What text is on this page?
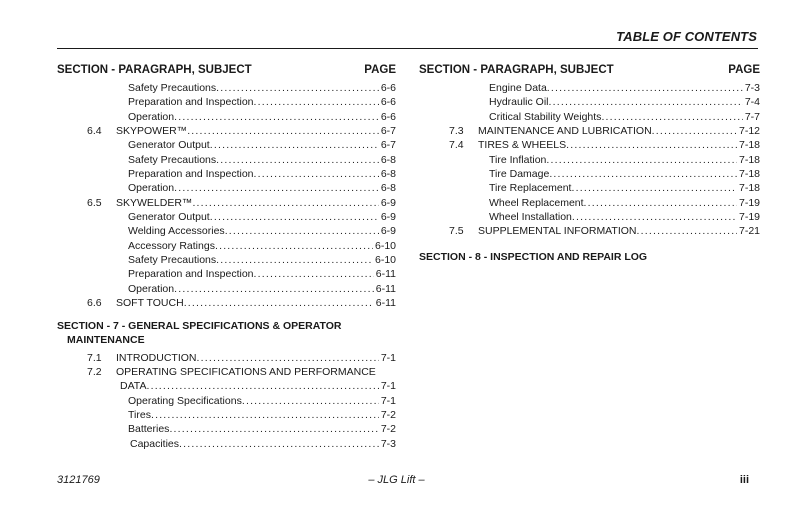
TABLE OF CONTENTS
SECTION - PARAGRAPH, SUBJECT	PAGE
Safety Precautions .....	6-6
Preparation and Inspection .....	6-6
Operation .....	6-6
6.4 SKYPOWER™ .....	6-7
Generator Output .....	6-7
Safety Precautions .....	6-8
Preparation and Inspection .....	6-8
Operation .....	6-8
6.5 SKYWELDER™ .....	6-9
Generator Output .....	6-9
Welding Accessories .....	6-9
Accessory Ratings .....	6-10
Safety Precautions .....	6-10
Preparation and Inspection .....	6-11
Operation .....	6-11
6.6 SOFT TOUCH .....	6-11
SECTION - 7 - GENERAL SPECIFICATIONS & OPERATOR
MAINTENANCE
7.1 INTRODUCTION .....	7-1
7.2 OPERATING SPECIFICATIONS AND PERFORMANCE
DATA .....	7-1
Operating Specifications .....	7-1
Tires .....	7-2
Batteries .....	7-2
Capacities .....	7-3
SECTION - PARAGRAPH, SUBJECT	PAGE
Engine Data .....	7-3
Hydraulic Oil .....	7-4
Critical Stability Weights .....	7-7
7.3 MAINTENANCE AND LUBRICATION .....	7-12
7.4 TIRES & WHEELS .....	7-18
Tire Inflation .....	7-18
Tire Damage .....	7-18
Tire Replacement .....	7-18
Wheel Replacement .....	7-19
Wheel Installation .....	7-19
7.5 SUPPLEMENTAL INFORMATION .....	7-21
SECTION - 8 - INSPECTION AND REPAIR LOG
3121769	– JLG Lift –	iii
